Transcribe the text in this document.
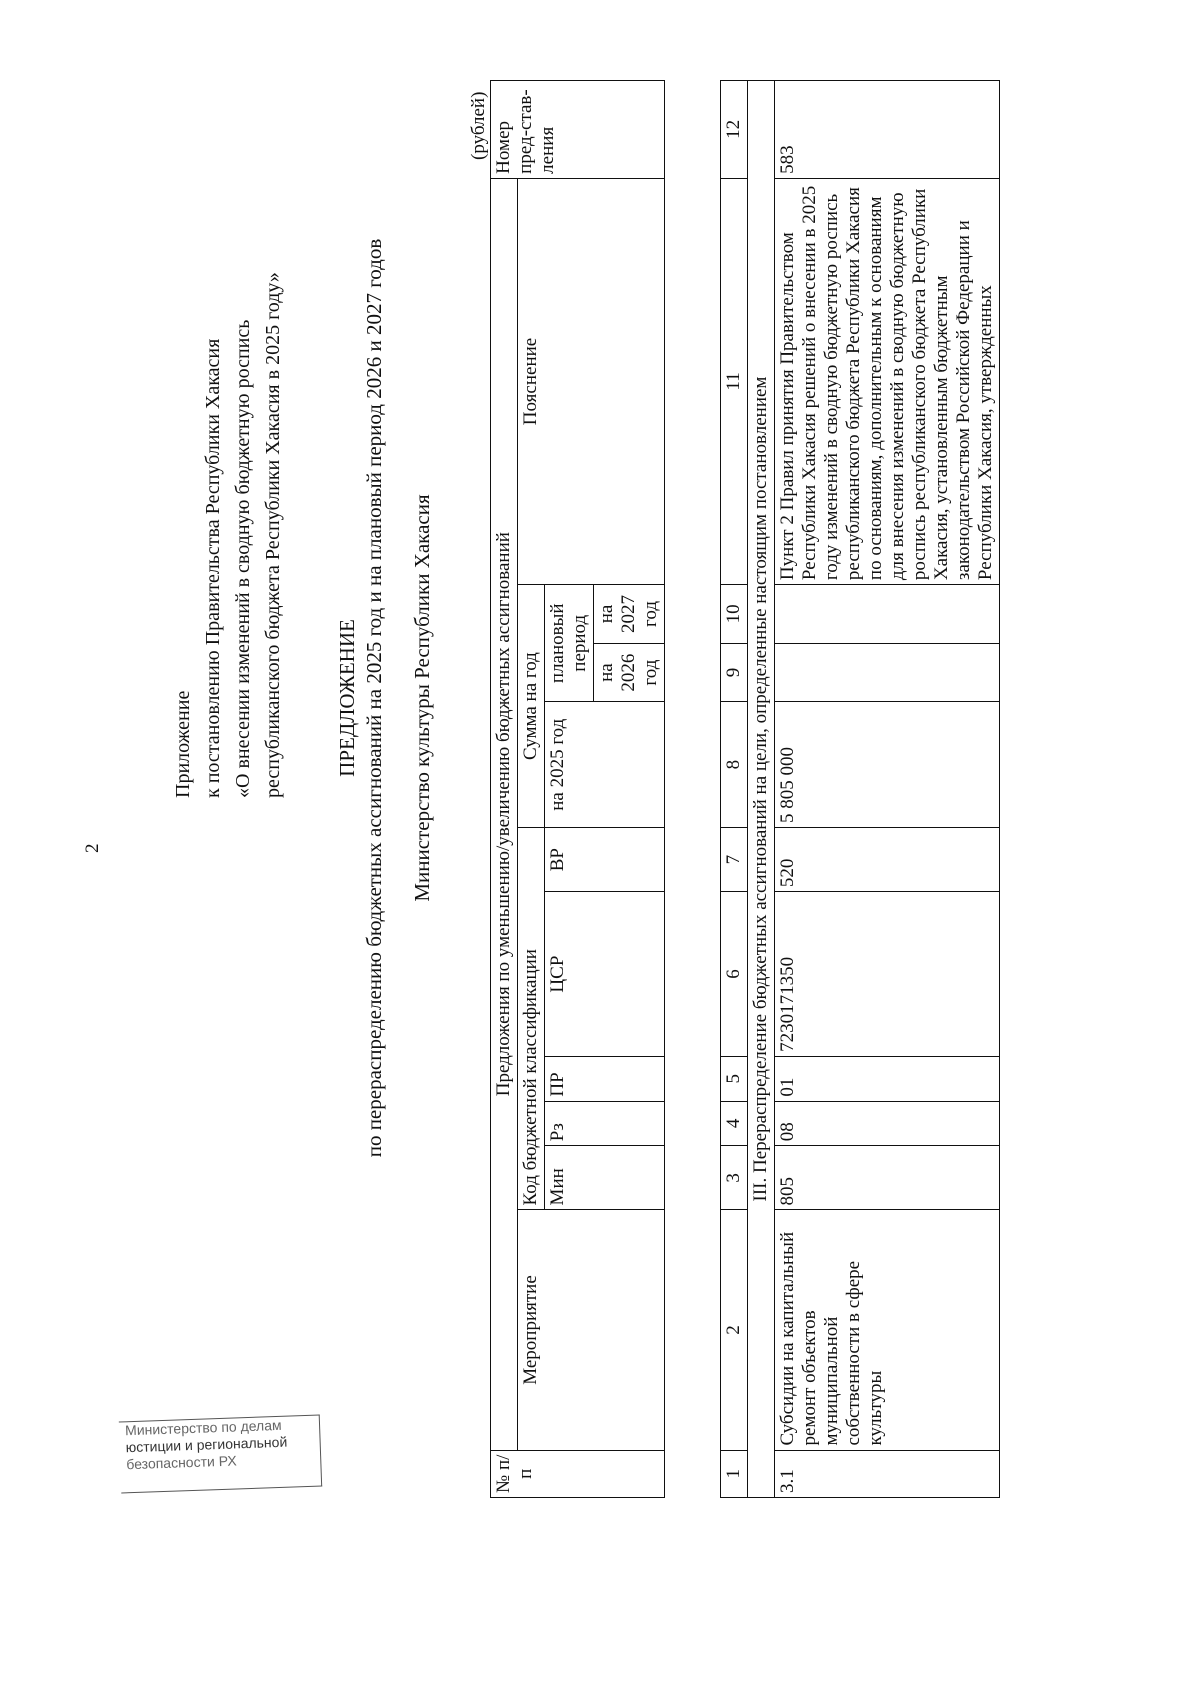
2
Приложение к постановлению Правительства Республики Хакасия «О внесении изменений в сводную бюджетную роспись республиканского бюджета Республики Хакасия в 2025 году» ПРЕДЛОЖЕНИЕ по перераспределению бюджетных ассигнований на 2025 год и на плановый период 2026 и 2027 годов Министерство культуры Республики Хакасия
(рублей)
№ п/п	Предложения по уменьшению/увеличению бюджетных ассигнований										Номер пред-став-ления
	Мероприятие	Код бюджетной классификации					Сумма на год			Пояснение	
		Мин	Рз	ПР	ЦСР	ВР	на 2025 год	плановый период			
								на 2026 год	на 2027 год		
1	2	3	4	5	6	7	8	9	10	11	12
III. Перераспределение бюджетных ассигнований на цели, определенные настоящим постановлением											
3.1	Субсидии на капитальный ремонт объектов муниципальной собственности в сфере культуры	805	08	01	7230171350	520	5 805 000			Пункт 2 Правил принятия Правительством Республики Хакасия решений о внесении в 2025 году изменений в сводную бюджетную роспись республиканского бюджета Республики Хакасия по основаниям, дополнительным к основаниям для внесения изменений в сводную бюджетную роспись республиканского бюджета Республики Хакасия, установленным бюджетным законодательством Российской Федерации и Республики Хакасия, утвержденных	583
Министерство по делам
юстиции и региональной
безопасности РХ
